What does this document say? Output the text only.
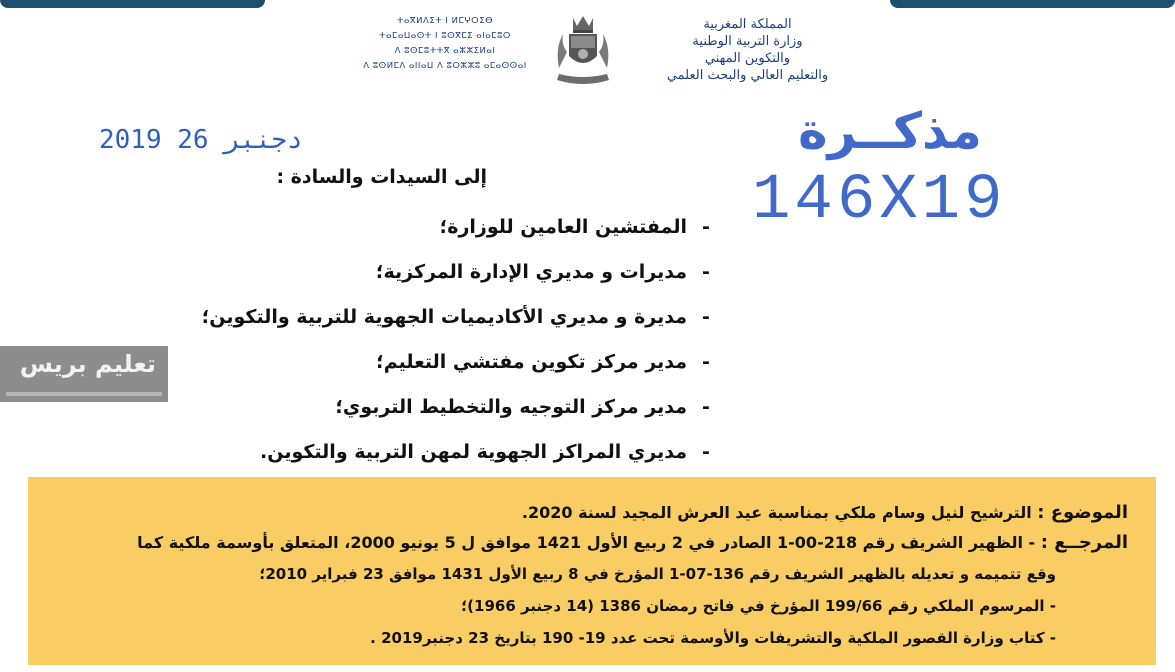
ⵜⴰⴳⵍⴷⵉⵜ ⵏ ⵍⵎⵖⵔⵉⴱ
ⵜⴰⵎⴰⵡⴰⵙⵜ ⵏ ⵓⵙⴳⵎⵉ ⴰⵏⴰⵎⵓⵔ
ⴷ ⵓⵙⵎⵓⵜⵜⴳ ⴰⵣⵣⵉⵍⴰⵏ
ⴷ ⵓⵙⵍⵎⴷ ⴰⵏⵏⴰⵡ ⴷ ⵓⵔⵣⵣⵓ ⴰⵎⴰⵙⵙⴰⵏ
المملكة المغربية
وزارة التربية الوطنية
والتكوين المهني
والتعليم العالي والبحث العلمي
2019 دجنبر 26	مذكــرة
146X19
إلى السيدات والسادة :
-
المفتشين العامين للوزارة؛
-
مديرات و مديري الإدارة المركزية؛
-
مديرة و مديري الأكاديميات الجهوية للتربية والتكوين؛
-
مدير مركز تكوين مفتشي التعليم؛
-
مدير مركز التوجيه والتخطيط التربوي؛
-
مديري المراكز الجهوية لمهن التربية والتكوين.
تعليم بريس
الموضوع : الترشيح لنيل وسام ملكي بمناسبة عيد العرش المجيد لسنة 2020.
المرجــع : - الظهير الشريف رقم 218-00-1 الصادر في 2 ربيع الأول 1421 موافق ل 5 يونيو 2000، المتعلق بأوسمة ملكية كما
وقع تتميمه و تعديله بالظهير الشريف رقم 136-07-1 المؤرخ في 8 ربيع الأول 1431 موافق 23 فبراير 2010؛
- المرسوم الملكي رقم 199/66 المؤرخ في فاتح رمضان 1386 (14 دجنبر 1966)؛
- كتاب وزارة القصور الملكية والتشريفات والأوسمة تحت عدد 19- 190 بتاريخ 23 دجنبر2019 .
